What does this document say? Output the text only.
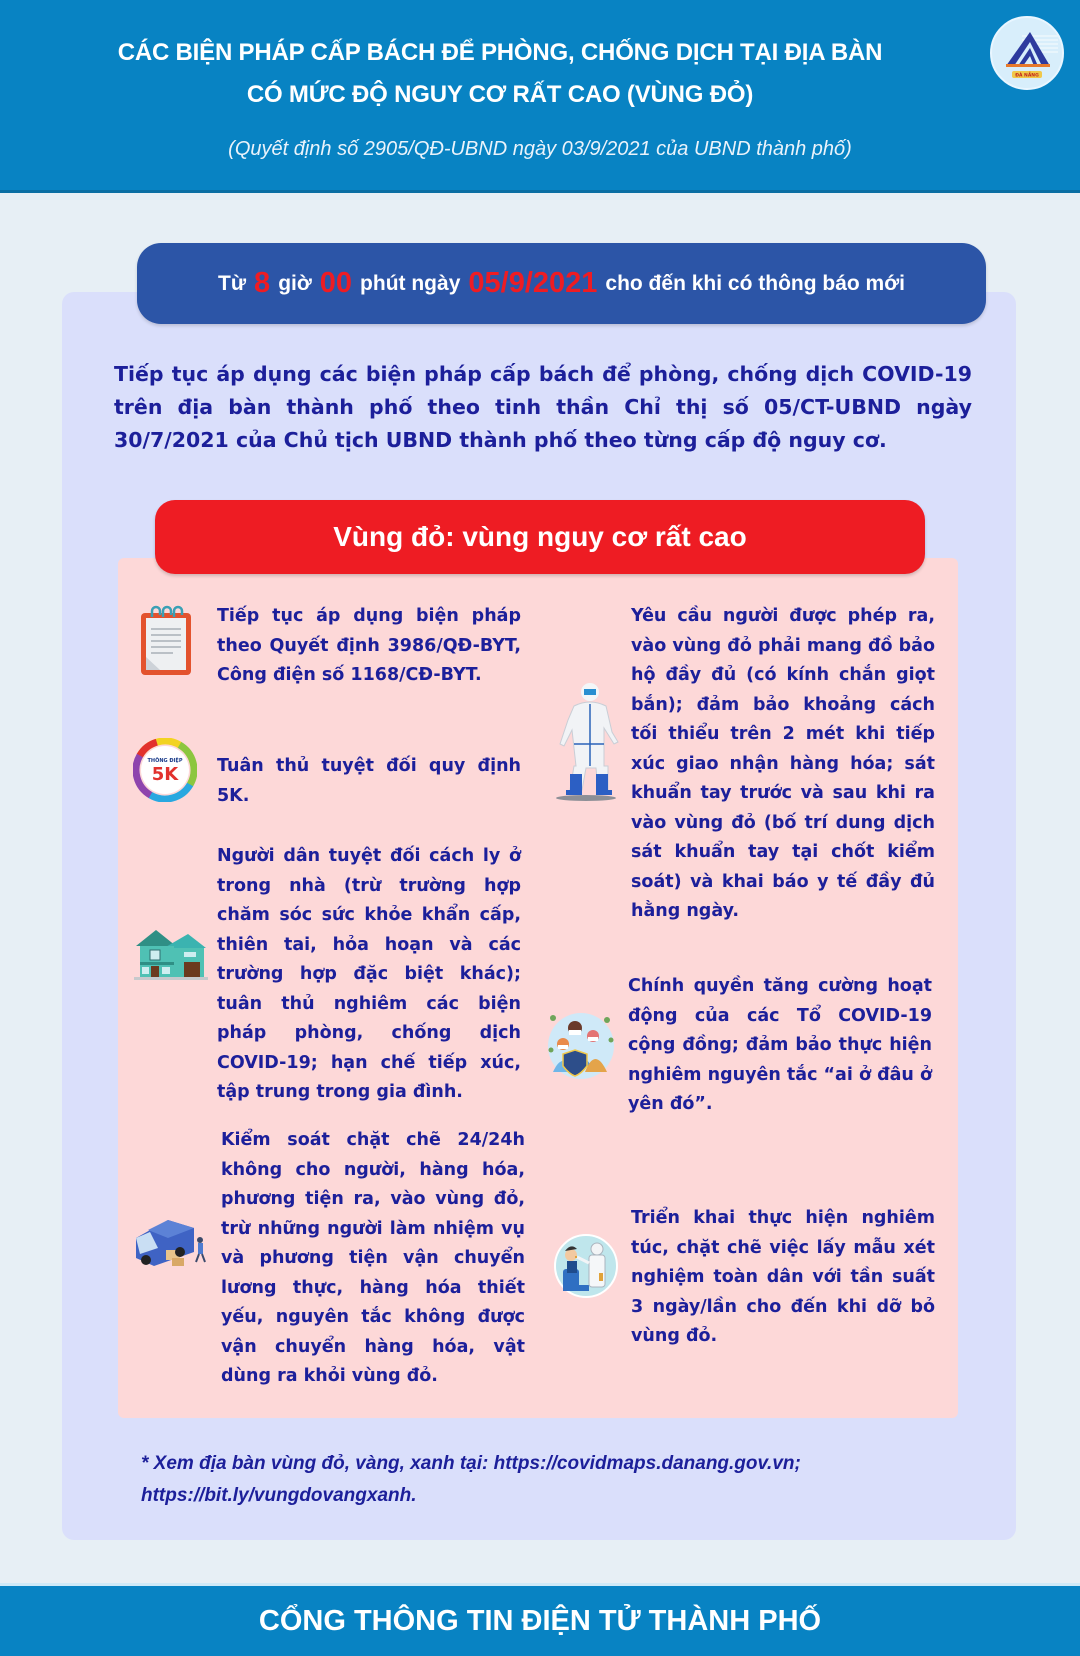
CÁC BIỆN PHÁP CẤP BÁCH ĐỂ PHÒNG, CHỐNG DỊCH TẠI ĐỊA BÀN
CÓ MỨC ĐỘ NGUY CƠ RẤT CAO (VÙNG ĐỎ)
(Quyết định số 2905/QĐ-UBND ngày 03/9/2021 của UBND thành phố)
ĐÀ NẴNG
Từ 8 giờ 00 phút ngày 05/9/2021 cho đến khi có thông báo mới
Tiếp tục áp dụng các biện pháp cấp bách để phòng, chống dịch COVID-19 trên địa bàn thành phố theo tinh thần Chỉ thị số 05/CT-UBND ngày 30/7/2021 của Chủ tịch UBND thành phố theo từng cấp độ nguy cơ.
Vùng đỏ: vùng nguy cơ rất cao
Tiếp tục áp dụng biện pháp theo Quyết định 3986/QĐ-BYT, Công điện số 1168/CĐ-BYT.
THÔNG ĐIỆP
5K Tuân thủ tuyệt đối quy định 5K.
Người dân tuyệt đối cách ly ở trong nhà (trừ trường hợp chăm sóc sức khỏe khẩn cấp, thiên tai, hỏa hoạn và các trường hợp đặc biệt khác); tuân thủ nghiêm các biện pháp phòng, chống dịch COVID-19; hạn chế tiếp xúc, tập trung trong gia đình.
Kiểm soát chặt chẽ 24/24h không cho người, hàng hóa, phương tiện ra, vào vùng đỏ, trừ những người làm nhiệm vụ và phương tiện vận chuyển lương thực, hàng hóa thiết yếu, nguyên tắc không được vận chuyển hàng hóa, vật dùng ra khỏi vùng đỏ.
Yêu cầu người được phép ra, vào vùng đỏ phải mang đồ bảo hộ đầy đủ (có kính chắn giọt bắn); đảm bảo khoảng cách tối thiểu trên 2 mét khi tiếp xúc giao nhận hàng hóa; sát khuẩn tay trước và sau khi ra vào vùng đỏ (bố trí dung dịch sát khuẩn tay tại chốt kiểm soát) và khai báo y tế đầy đủ hằng ngày.
Chính quyền tăng cường hoạt động của các Tổ COVID-19 cộng đồng; đảm bảo thực hiện nghiêm nguyên tắc “ai ở đâu ở yên đó”.
Triển khai thực hiện nghiêm túc, chặt chẽ việc lấy mẫu xét nghiệm toàn dân với tần suất 3 ngày/lần cho đến khi dỡ bỏ vùng đỏ.
* Xem địa bàn vùng đỏ, vàng, xanh tại: https://covidmaps.danang.gov.vn;
https://bit.ly/vungdovangxanh.
CỔNG THÔNG TIN ĐIỆN TỬ THÀNH PHỐ
